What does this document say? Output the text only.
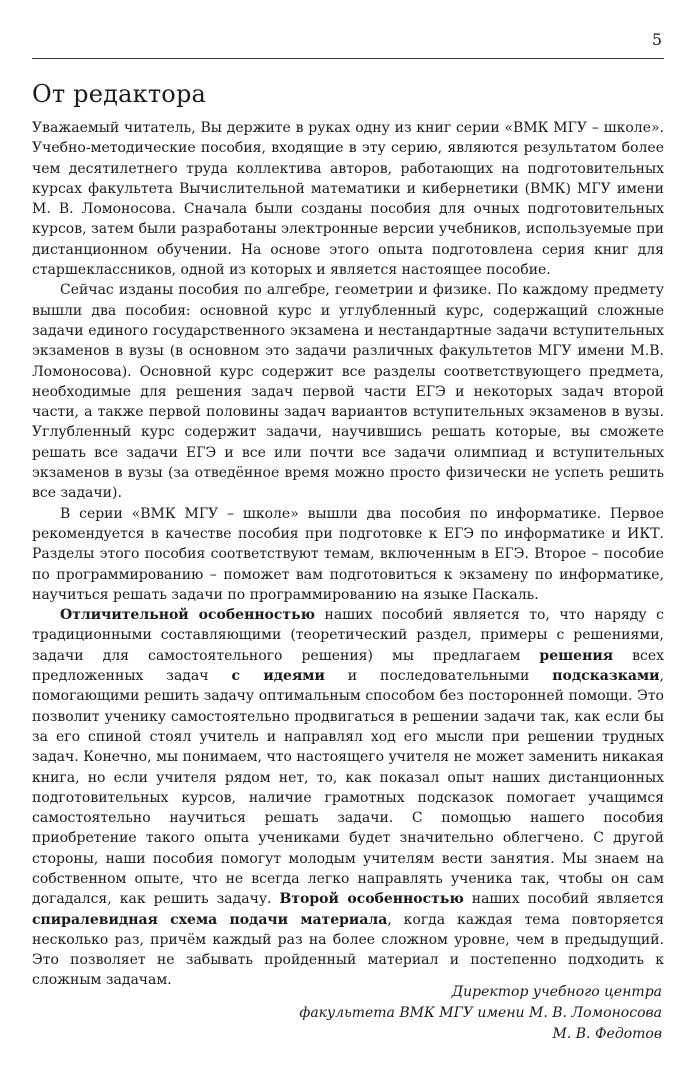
5
От редактора

Уважаемый читатель, Вы держите в руках одну из книг серии «ВМК МГУ – школе». Учебно-методические пособия, входящие в эту серию, являются результатом более чем десятилетнего труда коллектива авторов, работающих на подготовительных курсах факультета Вычислительной математики и кибернетики (ВМК) МГУ имени М. В. Ломоносова. Сначала были созданы пособия для очных подготовительных курсов, затем были разработаны электронные версии учебников, используемые при дистанционном обучении. На основе этого опыта подготовлена серия книг для старшеклассников, одной из которых и является настоящее пособие.

Сейчас изданы пособия по алгебре, геометрии и физике. По каждому предмету вышли два пособия: основной курс и углубленный курс, содержащий сложные задачи единого государственного экзамена и нестандартные задачи вступительных экзаменов в вузы (в основном это задачи различных факультетов МГУ имени М.В. Ломоносова). Основной курс содержит все разделы соответствующего предмета, необходимые для решения задач первой части ЕГЭ и некоторых задач второй части, а также первой половины задач вариантов вступительных экзаменов в вузы. Углубленный курс содержит задачи, научившись решать которые, вы сможете решать все задачи ЕГЭ и все или почти все задачи олимпиад и вступительных экзаменов в вузы (за отведённое время можно просто физически не успеть решить все задачи).

В серии «ВМК МГУ – школе» вышли два пособия по информатике. Первое рекомендуется в качестве пособия при подготовке к ЕГЭ по информатике и ИКТ. Разделы этого пособия соответствуют темам, включенным в ЕГЭ. Второе – пособие по программированию – поможет вам подготовиться к экзамену по информатике, научиться решать задачи по программированию на языке Паскаль.

Отличительной особенностью наших пособий является то, что наряду с традиционными составляющими (теоретический раздел, примеры с решениями, задачи для самостоятельного решения) мы предлагаем решения всех предложенных задач с идеями и последовательными подсказками, помогающими решить задачу оптимальным способом без посторонней помощи. Это позволит ученику самостоятельно продвигаться в решении задачи так, как если бы за его спиной стоял учитель и направлял ход его мысли при решении трудных задач. Конечно, мы понимаем, что настоящего учителя не может заменить никакая книга, но если учителя рядом нет, то, как показал опыт наших дистанционных подготовительных курсов, наличие грамотных подсказок помогает учащимся самостоятельно научиться решать задачи. С помощью нашего пособия приобретение такого опыта учениками будет значительно облегчено. С другой стороны, наши пособия помогут молодым учителям вести занятия. Мы знаем на собственном опыте, что не всегда легко направлять ученика так, чтобы он сам догадался, как решить задачу. Второй особенностью наших пособий является спиралевидная схема подачи материала, когда каждая тема повторяется несколько раз, причём каждый раз на более сложном уровне, чем в предыдущий. Это позволяет не забывать пройденный материал и постепенно подходить к сложным задачам.

Директор учебного центра
факультета ВМК МГУ имени М. В. Ломоносова
М. В. Федотов
